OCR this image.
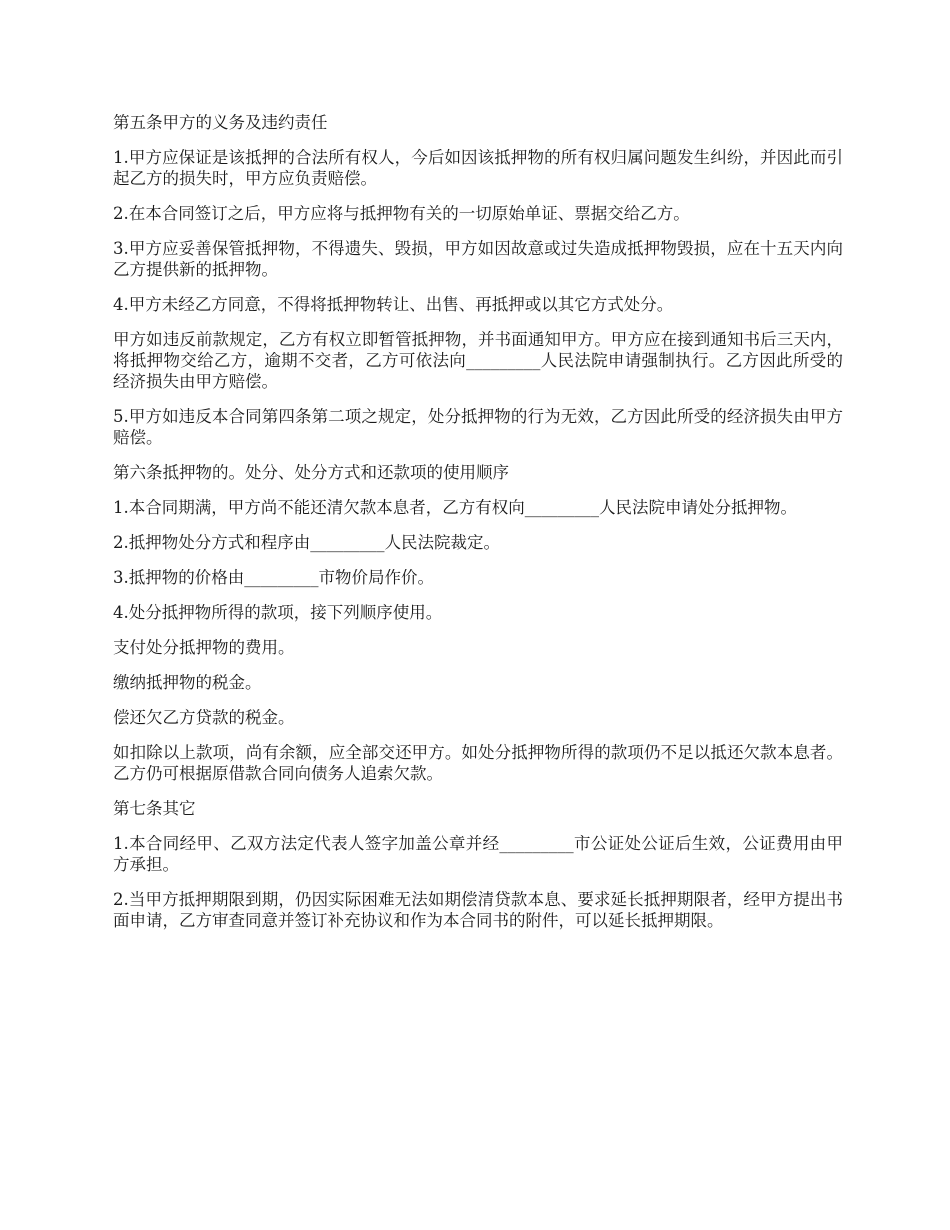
第五条甲方的义务及违约责任

1.甲方应保证是该抵押的合法所有权人，今后如因该抵押物的所有权归属问题发生纠纷，并因此而引起乙方的损失时，甲方应负责赔偿。

2.在本合同签订之后，甲方应将与抵押物有关的一切原始单证、票据交给乙方。

3.甲方应妥善保管抵押物，不得遗失、毁损，甲方如因故意或过失造成抵押物毁损，应在十五天内向乙方提供新的抵押物。

4.甲方未经乙方同意，不得将抵押物转让、出售、再抵押或以其它方式处分。

甲方如违反前款规定，乙方有权立即暂管抵押物，并书面通知甲方。甲方应在接到通知书后三天内，将抵押物交给乙方，逾期不交者，乙方可依法向_________人民法院申请强制执行。乙方因此所受的经济损失由甲方赔偿。

5.甲方如违反本合同第四条第二项之规定，处分抵押物的行为无效，乙方因此所受的经济损失由甲方赔偿。

第六条抵押物的。处分、处分方式和还款项的使用顺序

1.本合同期满，甲方尚不能还清欠款本息者，乙方有权向_________人民法院申请处分抵押物。

2.抵押物处分方式和程序由_________人民法院裁定。

3.抵押物的价格由_________市物价局作价。

4.处分抵押物所得的款项，接下列顺序使用。

支付处分抵押物的费用。

缴纳抵押物的税金。

偿还欠乙方贷款的税金。

如扣除以上款项，尚有余额，应全部交还甲方。如处分抵押物所得的款项仍不足以抵还欠款本息者。乙方仍可根据原借款合同向债务人追索欠款。

第七条其它

1.本合同经甲、乙双方法定代表人签字加盖公章并经_________市公证处公证后生效，公证费用由甲方承担。

2.当甲方抵押期限到期，仍因实际困难无法如期偿清贷款本息、要求延长抵押期限者，经甲方提出书面申请，乙方审查同意并签订补充协议和作为本合同书的附件，可以延长抵押期限。
